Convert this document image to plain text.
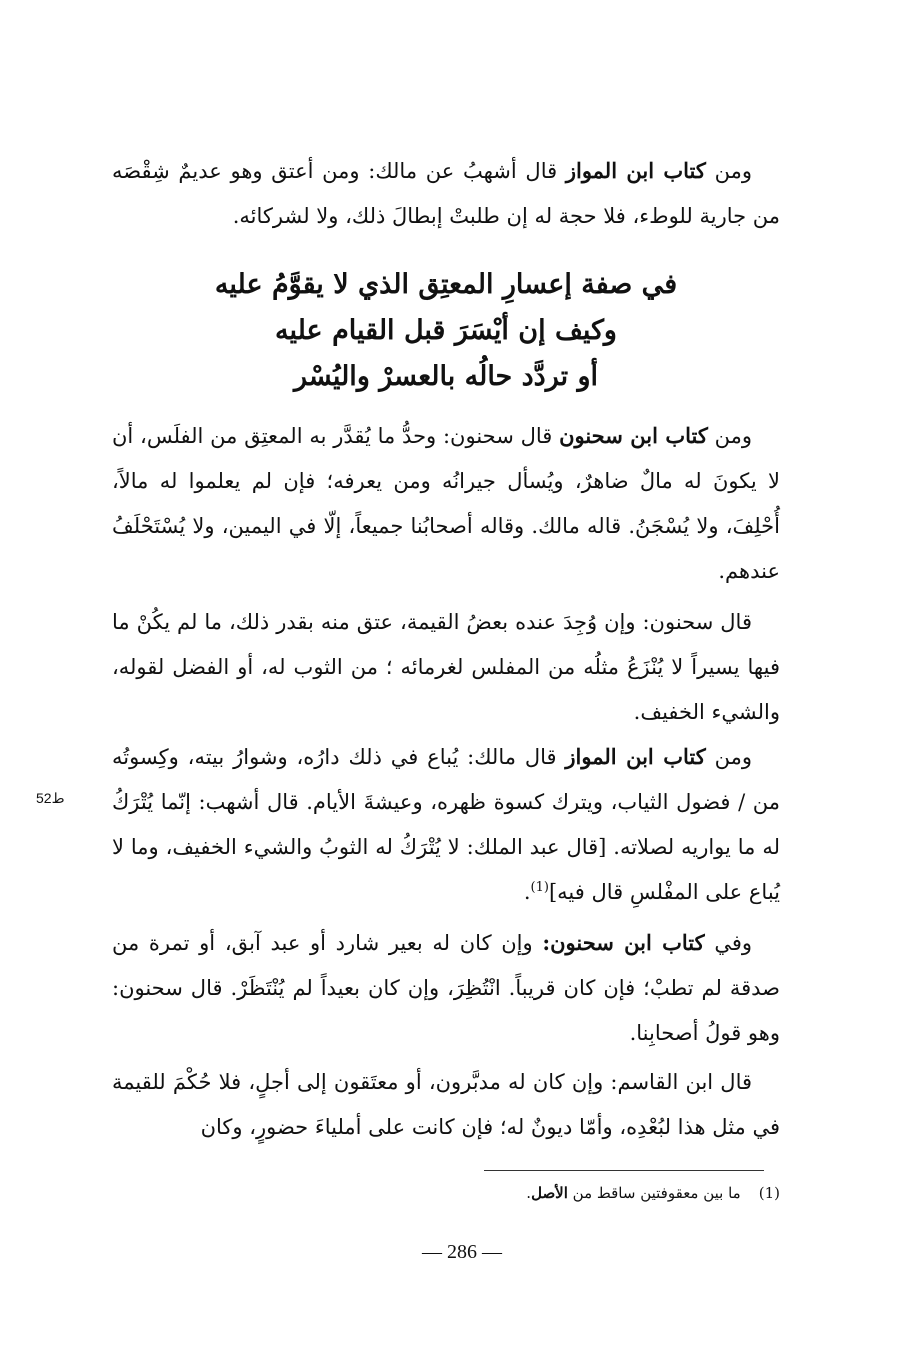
ومن كتاب ابن المواز قال أشهبُ عن مالك: ومن أعتق وهو عديمٌ شِقْصَه من جارية للوطء، فلا حجة له إن طلبتْ إبطالَ ذلك، ولا لشركائه.
في صفة إعسارِ المعتِق الذي لا يقوَّمُ عليه
وكيف إن أيْسَرَ قبل القيام عليه
أو تردَّد حالُه بالعسرْ واليُسْر
ومن كتاب ابن سحنون قال سحنون: وحدُّ ما يُقدَّر به المعتِق من الفلَس، أن لا يكونَ له مالٌ ضاهرٌ، ويُسأل جيرانُه ومن يعرفه؛ فإن لم يعلموا له مالاً، أُحْلِفَ، ولا يُسْجَنُ. قاله مالك. وقاله أصحابُنا جميعاً، إلّا في اليمين، ولا يُسْتَحْلَفُ عندهم.
قال سحنون: وإن وُجِدَ عنده بعضُ القيمة، عتق منه بقدر ذلك، ما لم يكُنْ ما فيها يسيراً لا يُنْزَعُ مثلُه من المفلس لغرمائه ؛ من الثوب له، أو الفضل لقوله، والشيء الخفيف.
ومن كتاب ابن المواز قال مالك: يُباع في ذلك دارُه، وشوارُ بيته، وكِسوتُه من / فضول الثياب، ويترك كسوة ظهره، وعيشةَ الأيام. قال أشهب: إنّما يُتْرَكُ له ما يواريه لصلاته. [قال عبد الملك: لا يُتْرَكُ له الثوبُ والشيء الخفيف، وما لا يُباع على المفْلسِ قال فيه]$^{(1)}$.
ط52
وفي كتاب ابن سحنون: وإن كان له بعير شارد أو عبد آبق، أو تمرة من صدقة لم تطبْ؛ فإن كان قريباً. انْتُظِرَ، وإن كان بعيداً لم يُنْتَظَرْ. قال سحنون: وهو قولُ أصحابِنا.
قال ابن القاسم: وإن كان له مدبَّرون، أو معتَقون إلى أجلٍ، فلا حُكْمَ للقيمة في مثل هذا لبُعْدِه، وأمّا ديونٌ له؛ فإن كانت على أملياءَ حضورٍ، وكان
(1)ما بين معقوفتين ساقط من الأصل.
— 286 —
